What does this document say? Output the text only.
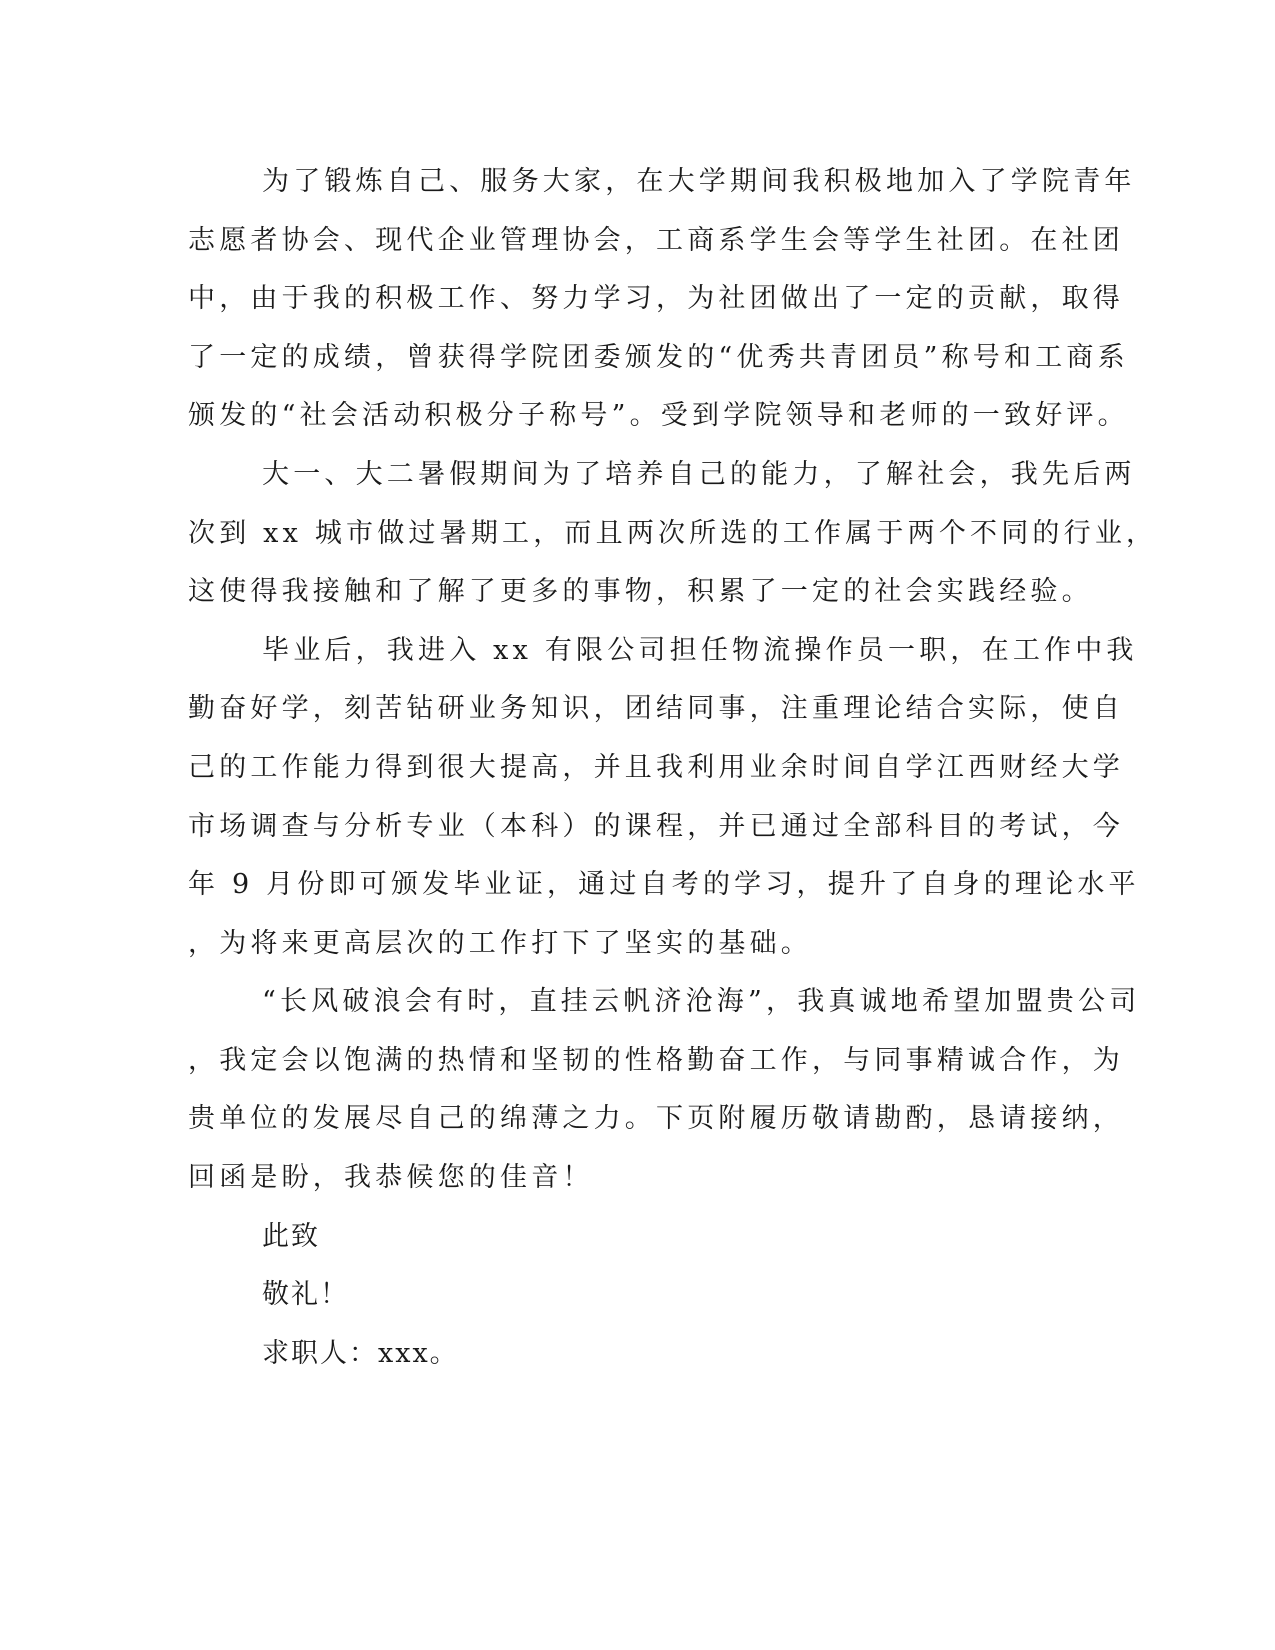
为了锻炼自己、服务大家，在大学期间我积极地加入了学院青年
志愿者协会、现代企业管理协会，工商系学生会等学生社团。在社团
中，由于我的积极工作、努力学习，为社团做出了一定的贡献，取得
了一定的成绩，曾获得学院团委颁发的“优秀共青团员”称号和工商系
颁发的“社会活动积极分子称号”。受到学院领导和老师的一致好评。
大一、大二暑假期间为了培养自己的能力，了解社会，我先后两
次到 xx 城市做过暑期工，而且两次所选的工作属于两个不同的行业，
这使得我接触和了解了更多的事物，积累了一定的社会实践经验。
毕业后，我进入 xx 有限公司担任物流操作员一职，在工作中我
勤奋好学，刻苦钻研业务知识，团结同事，注重理论结合实际，使自
己的工作能力得到很大提高，并且我利用业余时间自学江西财经大学
市场调查与分析专业（本科）的课程，并已通过全部科目的考试，今
年 9 月份即可颁发毕业证，通过自考的学习，提升了自身的理论水平
，为将来更高层次的工作打下了坚实的基础。
“长风破浪会有时，直挂云帆济沧海”，我真诚地希望加盟贵公司
，我定会以饱满的热情和坚韧的性格勤奋工作，与同事精诚合作，为
贵单位的发展尽自己的绵薄之力。下页附履历敬请勘酌，恳请接纳，
回函是盼，我恭候您的佳音！
此致
敬礼！
求职人：xxx。
